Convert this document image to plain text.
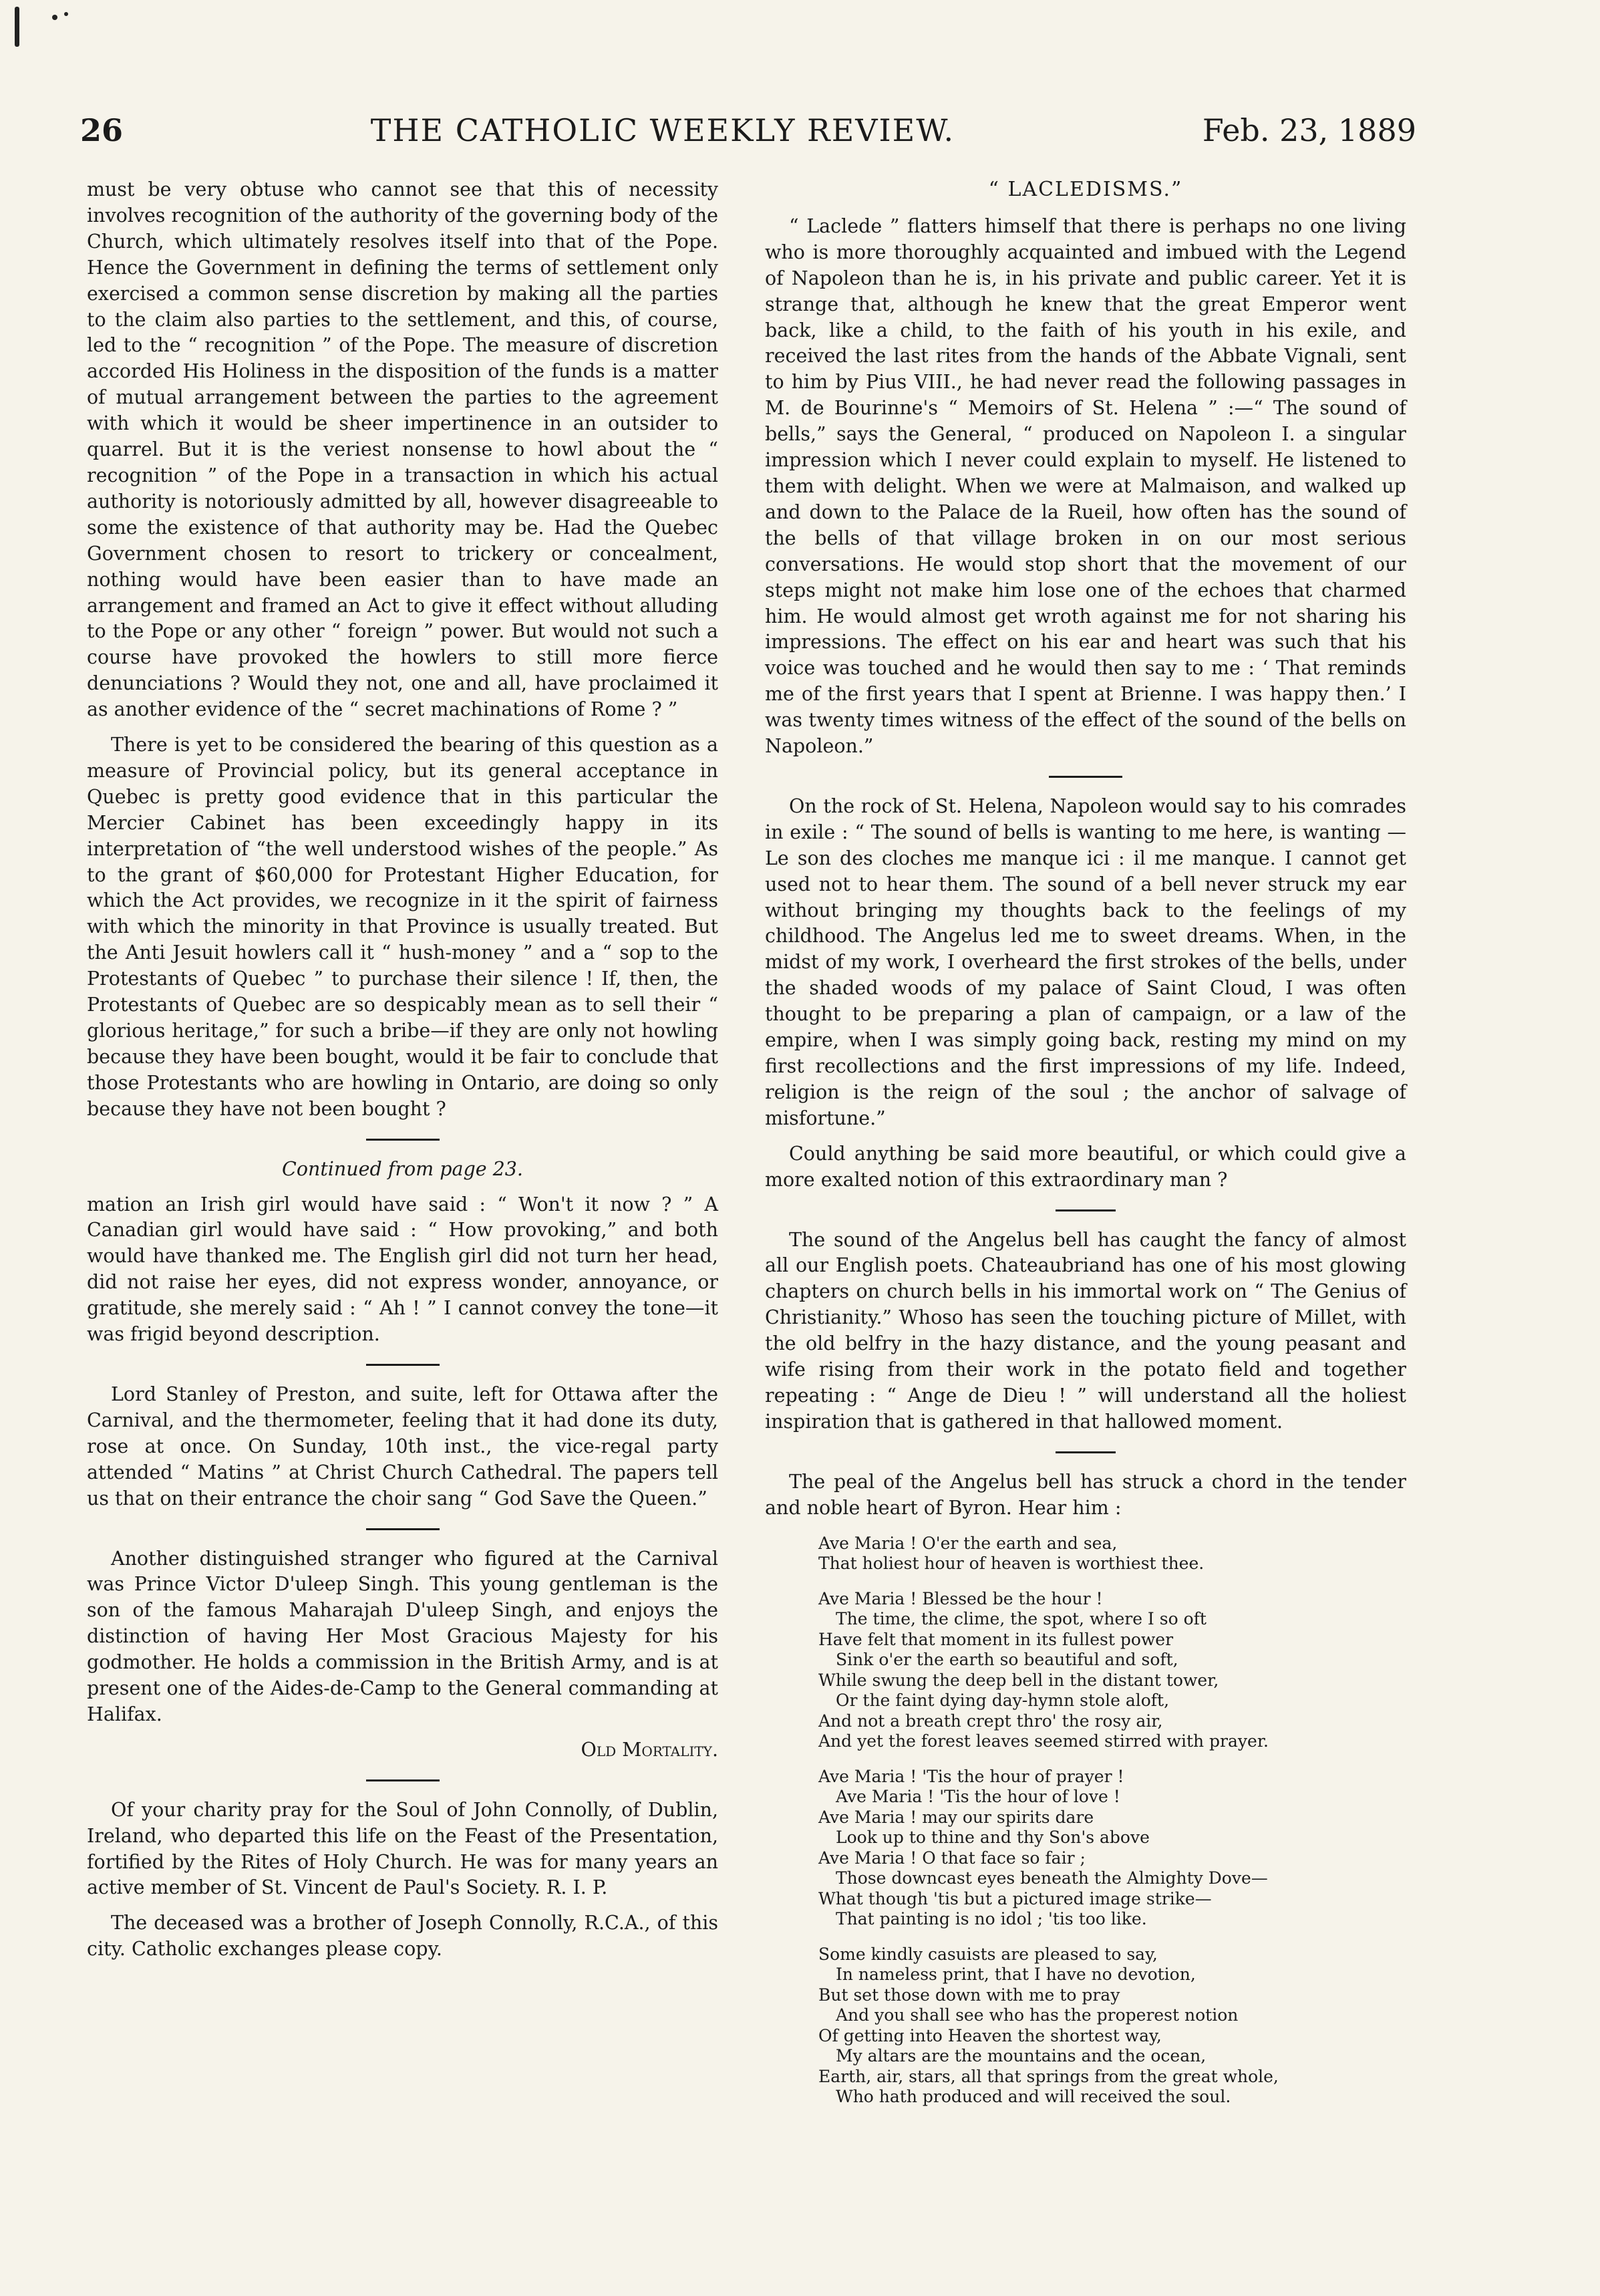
26	THE CATHOLIC WEEKLY REVIEW.	Feb. 23, 1889

must be very obtuse who cannot see that this of necessity involves recognition of the authority of the governing body of the Church, which ultimately resolves itself into that of the Pope. Hence the Government in defining the terms of settlement only exercised a common sense discretion by making all the parties to the claim also parties to the settlement, and this, of course, led to the “ recognition ” of the Pope. The measure of discretion accorded His Holiness in the disposition of the funds is a matter of mutual arrangement between the parties to the agreement with which it would be sheer impertinence in an outsider to quarrel. But it is the veriest nonsense to howl about the “ recognition ” of the Pope in a transaction in which his actual authority is notoriously admitted by all, however disagreeable to some the existence of that authority may be. Had the Quebec Government chosen to resort to trickery or concealment, nothing would have been easier than to have made an arrangement and framed an Act to give it effect without alluding to the Pope or any other “ foreign ” power. But would not such a course have provoked the howlers to still more fierce denunciations ? Would they not, one and all, have proclaimed it as another evidence of the “ secret machinations of Rome ? ”

There is yet to be considered the bearing of this question as a measure of Provincial policy, but its general acceptance in Quebec is pretty good evidence that in this particular the Mercier Cabinet has been exceedingly happy in its interpretation of “the well understood wishes of the people.” As to the grant of $60,000 for Protestant Higher Education, for which the Act provides, we recognize in it the spirit of fairness with which the minority in that Province is usually treated. But the Anti Jesuit howlers call it “ hush-money ” and a “ sop to the Protestants of Quebec ” to purchase their silence ! If, then, the Protestants of Quebec are so despicably mean as to sell their “ glorious heritage,” for such a bribe—if they are only not howling because they have been bought, would it be fair to conclude that those Protestants who are howling in Ontario, are doing so only because they have not been bought ?

Continued from page 23.

mation an Irish girl would have said : “ Won't it now ? ” A Canadian girl would have said : “ How provoking,” and both would have thanked me. The English girl did not turn her head, did not raise her eyes, did not express wonder, annoyance, or gratitude, she merely said : “ Ah ! ” I cannot convey the tone—it was frigid beyond description.

Lord Stanley of Preston, and suite, left for Ottawa after the Carnival, and the thermometer, feeling that it had done its duty, rose at once. On Sunday, 10th inst., the vice-regal party attended “ Matins ” at Christ Church Cathedral. The papers tell us that on their entrance the choir sang “ God Save the Queen.”

Another distinguished stranger who figured at the Carnival was Prince Victor D'uleep Singh. This young gentleman is the son of the famous Maharajah D'uleep Singh, and enjoys the distinction of having Her Most Gracious Majesty for his godmother. He holds a commission in the British Army, and is at present one of the Aides-de-Camp to the General commanding at Halifax.

Old Mortality.

Of your charity pray for the Soul of John Connolly, of Dublin, Ireland, who departed this life on the Feast of the Presentation, fortified by the Rites of Holy Church. He was for many years an active member of St. Vincent de Paul's Society. R. I. P.

The deceased was a brother of Joseph Connolly, R.C.A., of this city. Catholic exchanges please copy.

“ LACLEDISMS.”

“ Laclede ” flatters himself that there is perhaps no one living who is more thoroughly acquainted and imbued with the Legend of Napoleon than he is, in his private and public career. Yet it is strange that, although he knew that the great Emperor went back, like a child, to the faith of his youth in his exile, and received the last rites from the hands of the Abbate Vignali, sent to him by Pius VIII., he had never read the following passages in M. de Bourinne's “ Memoirs of St. Helena ” :—“ The sound of bells,” says the General, “ produced on Napoleon I. a singular impression which I never could explain to myself. He listened to them with delight. When we were at Malmaison, and walked up and down to the Palace de la Rueil, how often has the sound of the bells of that village broken in on our most serious conversations. He would stop short that the movement of our steps might not make him lose one of the echoes that charmed him. He would almost get wroth against me for not sharing his impressions. The effect on his ear and heart was such that his voice was touched and he would then say to me : ‘ That reminds me of the first years that I spent at Brienne. I was happy then.’ I was twenty times witness of the effect of the sound of the bells on Napoleon.”

On the rock of St. Helena, Napoleon would say to his comrades in exile : “ The sound of bells is wanting to me here, is wanting — Le son des cloches me manque ici : il me manque. I cannot get used not to hear them. The sound of a bell never struck my ear without bringing my thoughts back to the feelings of my childhood. The Angelus led me to sweet dreams. When, in the midst of my work, I overheard the first strokes of the bells, under the shaded woods of my palace of Saint Cloud, I was often thought to be preparing a plan of campaign, or a law of the empire, when I was simply going back, resting my mind on my first recollections and the first impressions of my life. Indeed, religion is the reign of the soul ; the anchor of salvage of misfortune.”

Could anything be said more beautiful, or which could give a more exalted notion of this extraordinary man ?

The sound of the Angelus bell has caught the fancy of almost all our English poets. Chateaubriand has one of his most glowing chapters on church bells in his immortal work on “ The Genius of Christianity.” Whoso has seen the touching picture of Millet, with the old belfry in the hazy distance, and the young peasant and wife rising from their work in the potato field and together repeating : “ Ange de Dieu ! ” will understand all the holiest inspiration that is gathered in that hallowed moment.

The peal of the Angelus bell has struck a chord in the tender and noble heart of Byron. Hear him :

Ave Maria ! O'er the earth and sea,
That holiest hour of heaven is worthiest thee.
Ave Maria ! Blessed be the hour !
The time, the clime, the spot, where I so oft
Have felt that moment in its fullest power
Sink o'er the earth so beautiful and soft,
While swung the deep bell in the distant tower,
Or the faint dying day-hymn stole aloft,
And not a breath crept thro' the rosy air,
And yet the forest leaves seemed stirred with prayer.
Ave Maria ! 'Tis the hour of prayer !
Ave Maria ! 'Tis the hour of love !
Ave Maria ! may our spirits dare
Look up to thine and thy Son's above
Ave Maria ! O that face so fair ;
Those downcast eyes beneath the Almighty Dove—
What though 'tis but a pictured image strike—
That painting is no idol ; 'tis too like.
Some kindly casuists are pleased to say,
In nameless print, that I have no devotion,
But set those down with me to pray
And you shall see who has the properest notion
Of getting into Heaven the shortest way,
My altars are the mountains and the ocean,
Earth, air, stars, all that springs from the great whole,
Who hath produced and will received the soul.
